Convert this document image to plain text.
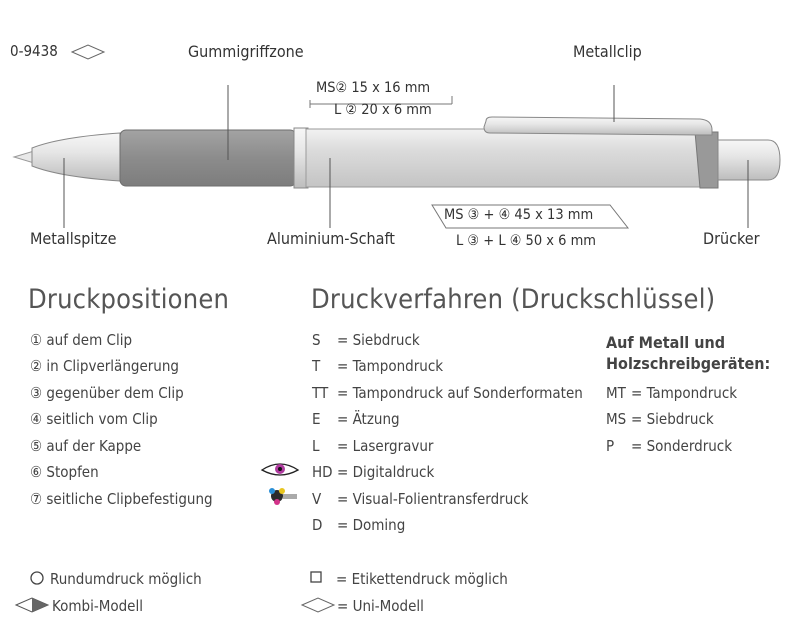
0-9438	Gummigriffzone	Metallclip
Metallspitze	Aluminium-Schaft	Drücker
MS② 15 x 16 mm
L ② 20 x 6 mm
MS ③ + ④ 45 x 13 mm
L ③ + L ④ 50 x 6 mm
Druckpositionen
① auf dem Clip
② in Clipverlängerung
③ gegenüber dem Clip
④ seitlich vom Clip
⑤ auf der Kappe
⑥ Stopfen
⑦ seitliche Clipbefestigung
Druckverfahren (Druckschlüssel)
S = Siebdruck
T = Tampondruck
TT = Tampondruck auf Sonderformaten
E = Ätzung
L = Lasergravur
HD = Digitaldruck
V = Visual-Folientransferdruck
D = Doming
Auf Metall und
Holzschreibgeräten:
MT = Tampondruck
MS = Siebdruck
P = Sonderdruck
Rundumdruck möglich	= Etikettendruck möglich
Kombi-Modell	= Uni-Modell
